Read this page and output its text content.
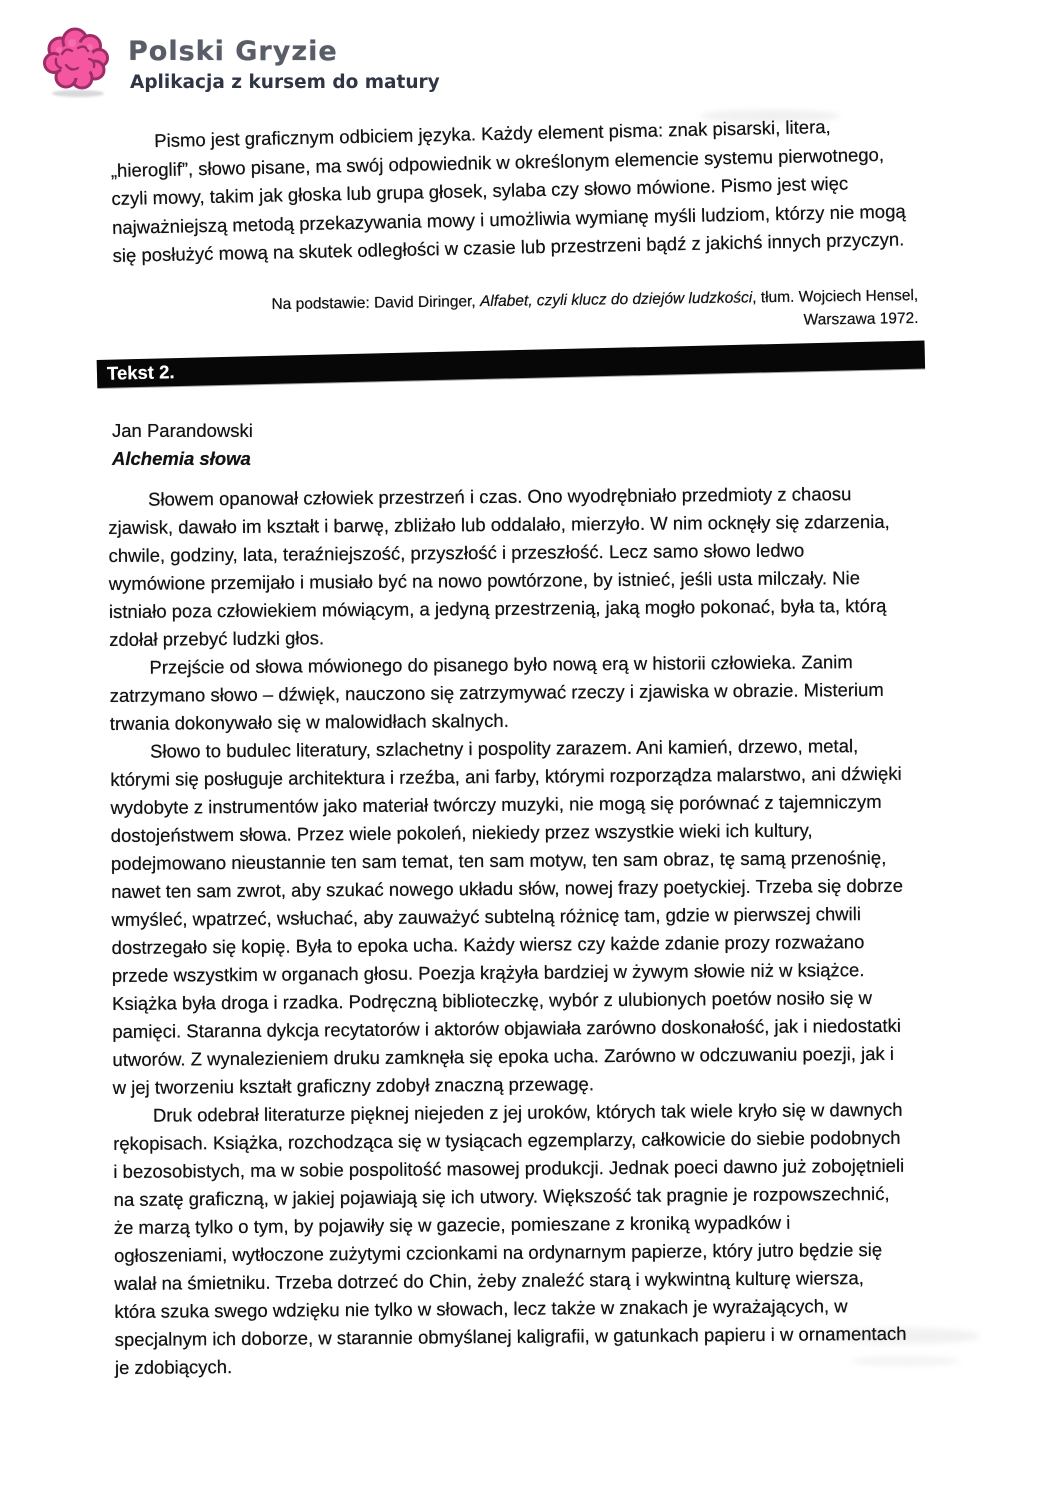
Polski Gryzie
Aplikacja z kursem do matury
Pismo jest graficznym odbiciem języka. Każdy element pisma: znak pisarski, litera, „hieroglif”, słowo pisane, ma swój odpowiednik w określonym elemencie systemu pierwotnego, czyli mowy, takim jak głoska lub grupa głosek, sylaba czy słowo mówione. Pismo jest więc najważniejszą metodą przekazywania mowy i umożliwia wymianę myśli ludziom, którzy nie mogą się posłużyć mową na skutek odległości w czasie lub przestrzeni bądź z jakichś innych przyczyn.
Na podstawie: David Diringer, Alfabet, czyli klucz do dziejów ludzkości, tłum. Wojciech Hensel,
Warszawa 1972.
Tekst 2.
Jan Parandowski
Alchemia słowa

Słowem opanował człowiek przestrzeń i czas. Ono wyodrębniało przedmioty z chaosu zjawisk, dawało im kształt i barwę, zbliżało lub oddalało, mierzyło. W nim ocknęły się zdarzenia, chwile, godziny, lata, teraźniejszość, przyszłość i przeszłość. Lecz samo słowo ledwo wymówione przemijało i musiało być na nowo powtórzone, by istnieć, jeśli usta milczały. Nie istniało poza człowiekiem mówiącym, a jedyną przestrzenią, jaką mogło pokonać, była ta, którą zdołał przebyć ludzki głos.

Przejście od słowa mówionego do pisanego było nową erą w historii człowieka. Zanim zatrzymano słowo – dźwięk, nauczono się zatrzymywać rzeczy i zjawiska w obrazie. Misterium trwania dokonywało się w malowidłach skalnych.

Słowo to budulec literatury, szlachetny i pospolity zarazem. Ani kamień, drzewo, metal, którymi się posługuje architektura i rzeźba, ani farby, którymi rozporządza malarstwo, ani dźwięki wydobyte z instrumentów jako materiał twórczy muzyki, nie mogą się porównać z tajemniczym dostojeństwem słowa. Przez wiele pokoleń, niekiedy przez wszystkie wieki ich kultury, podejmowano nieustannie ten sam temat, ten sam motyw, ten sam obraz, tę samą przenośnię, nawet ten sam zwrot, aby szukać nowego układu słów, nowej frazy poetyckiej. Trzeba się dobrze wmyśleć, wpatrzeć, wsłuchać, aby zauważyć subtelną różnicę tam, gdzie w pierwszej chwili dostrzegało się kopię. Była to epoka ucha. Każdy wiersz czy każde zdanie prozy rozważano przede wszystkim w organach głosu. Poezja krążyła bardziej w żywym słowie niż w książce. Książka była droga i rzadka. Podręczną biblioteczkę, wybór z ulubionych poetów nosiło się w pamięci. Staranna dykcja recytatorów i aktorów objawiała zarówno doskonałość, jak i niedostatki utworów. Z wynalezieniem druku zamknęła się epoka ucha. Zarówno w odczuwaniu poezji, jak i w jej tworzeniu kształt graficzny zdobył znaczną przewagę.

Druk odebrał literaturze pięknej niejeden z jej uroków, których tak wiele kryło się w dawnych rękopisach. Książka, rozchodząca się w tysiącach egzemplarzy, całkowicie do siebie podobnych i bezosobistych, ma w sobie pospolitość masowej produkcji. Jednak poeci dawno już zobojętnieli na szatę graficzną, w jakiej pojawiają się ich utwory. Większość tak pragnie je rozpowszechnić, że marzą tylko o tym, by pojawiły się w gazecie, pomieszane z kroniką wypadków i ogłoszeniami, wytłoczone zużytymi czcionkami na ordynarnym papierze, który jutro będzie się walał na śmietniku. Trzeba dotrzeć do Chin, żeby znaleźć starą i wykwintną kulturę wiersza, która szuka swego wdzięku nie tylko w słowach, lecz także w znakach je wyrażających, w specjalnym ich doborze, w starannie obmyślanej kaligrafii, w gatunkach papieru i w ornamentach je zdobiących.
